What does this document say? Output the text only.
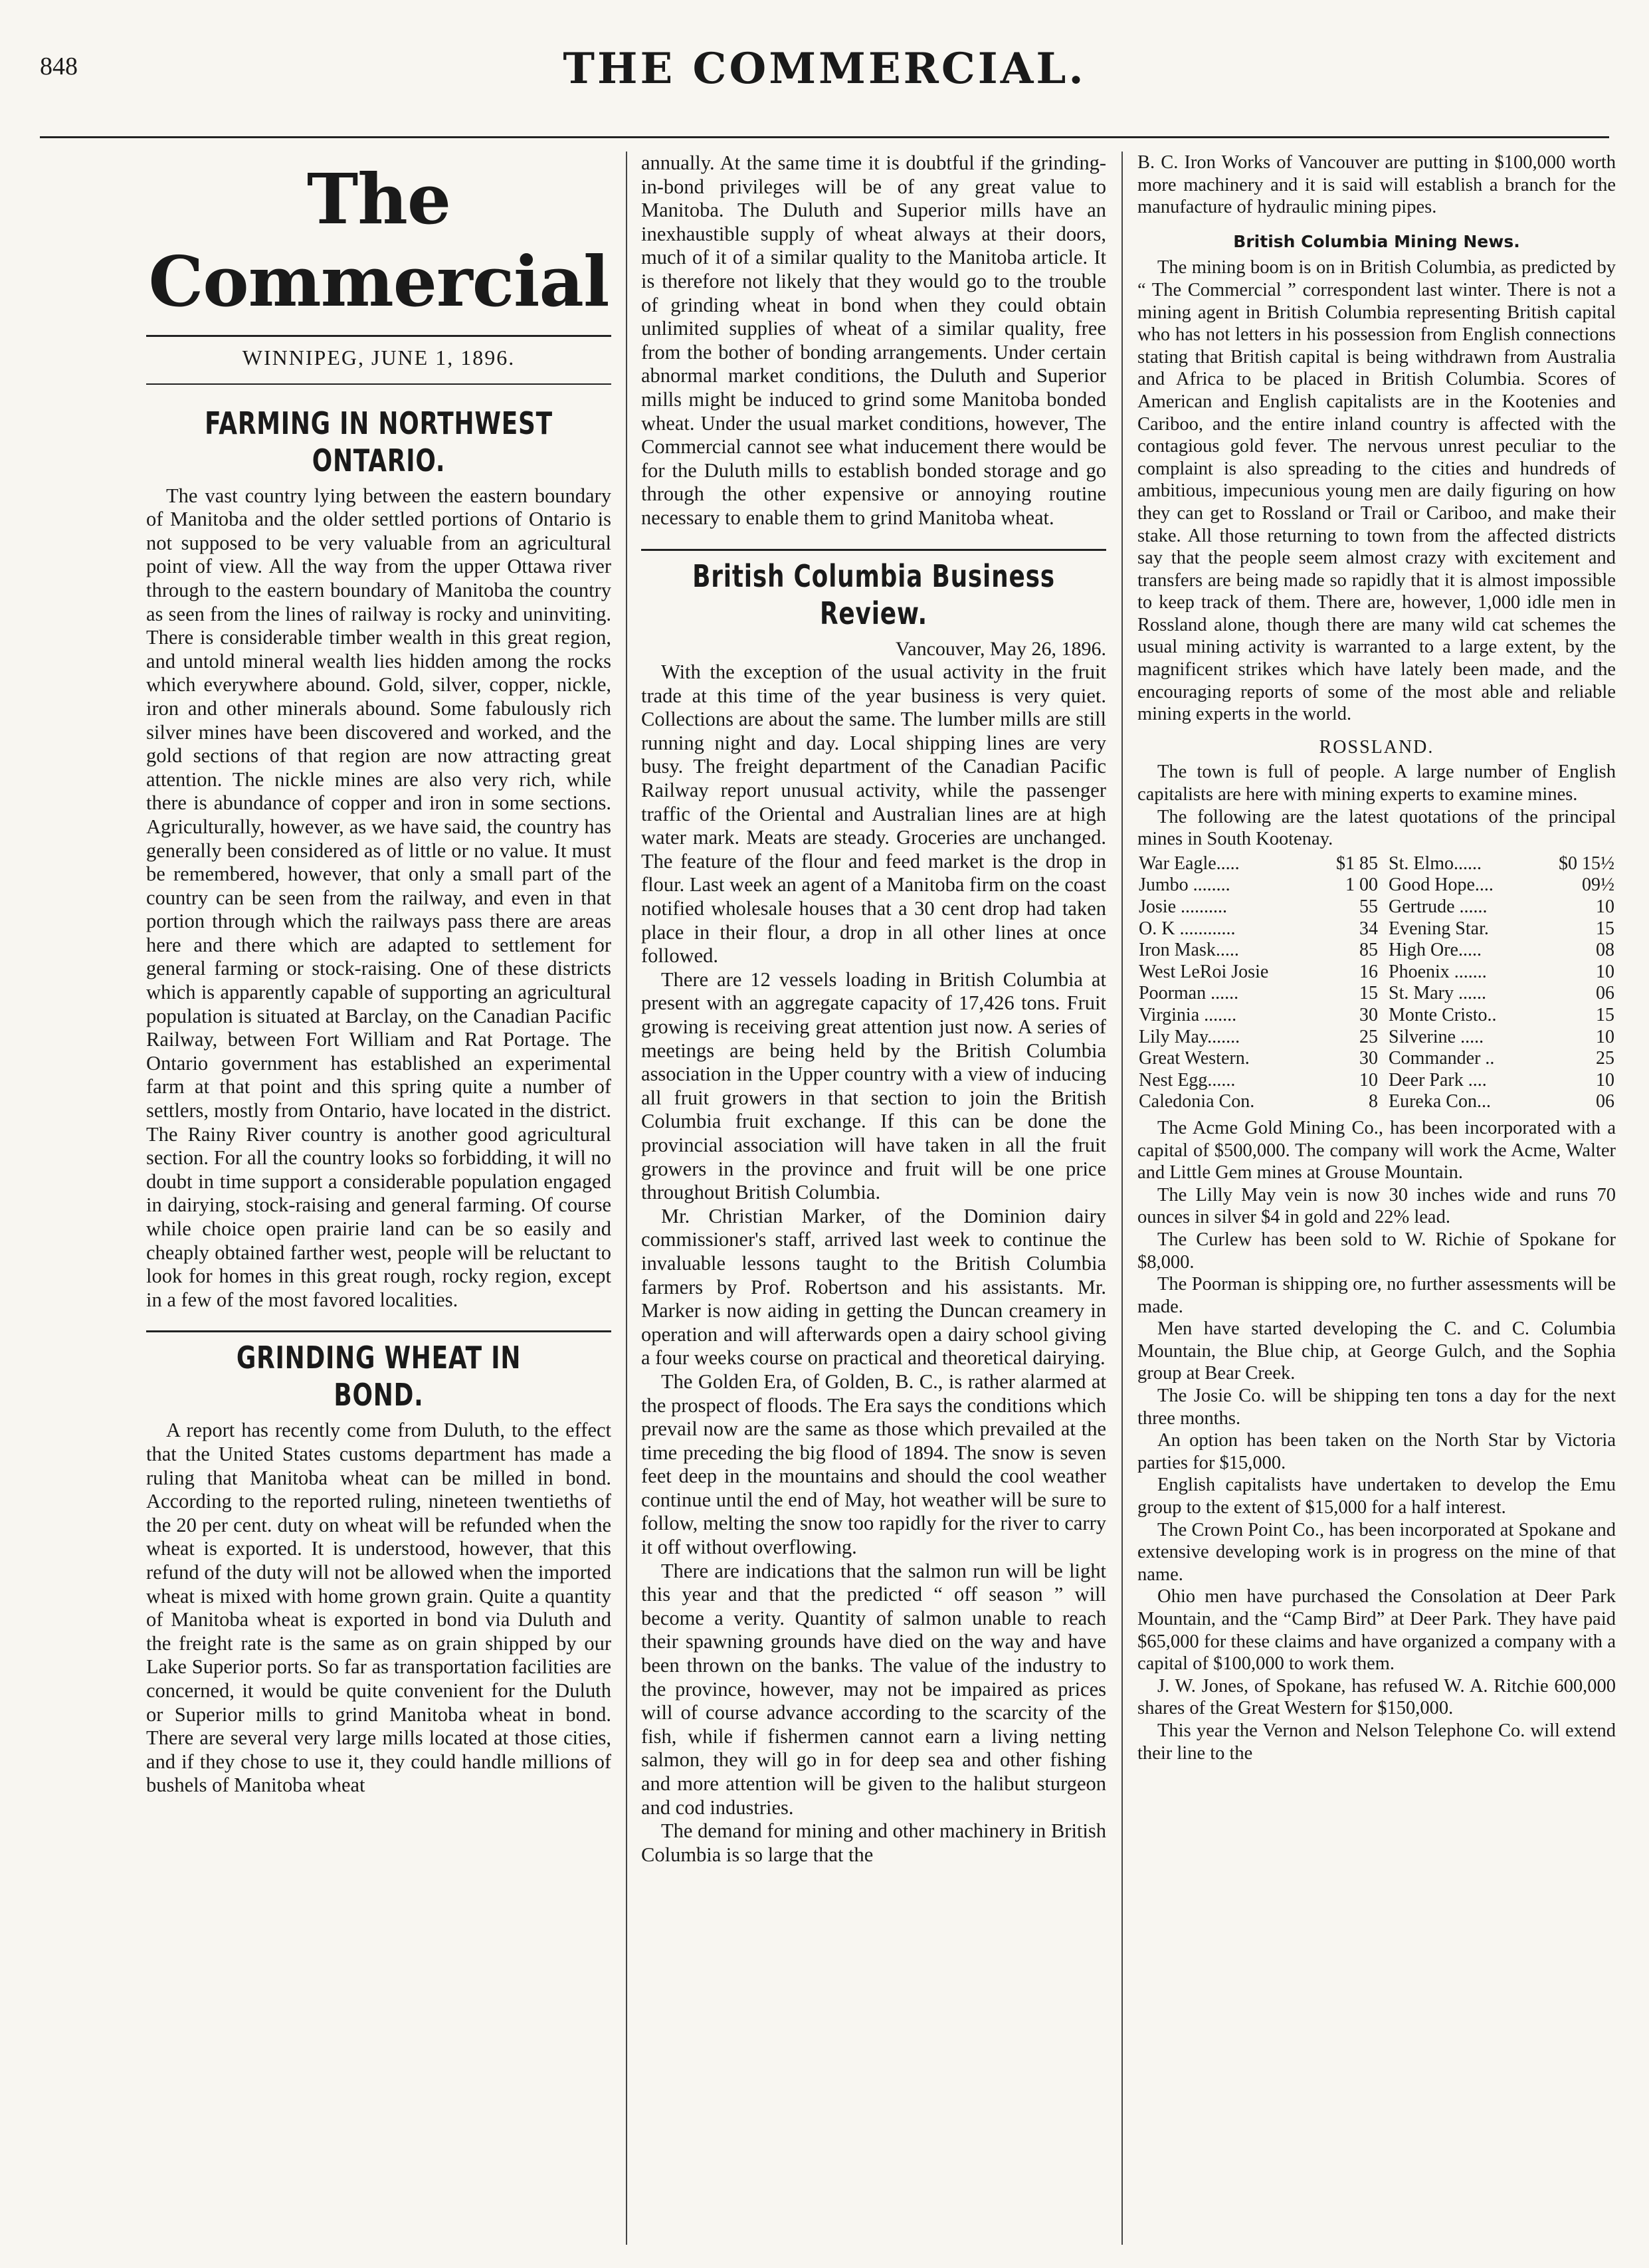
848	THE COMMERCIAL.
The Commercial
WINNIPEG, JUNE 1, 1896.
FARMING IN NORTHWEST ONTARIO.

The vast country lying between the eastern boundary of Manitoba and the older settled portions of Ontario is not supposed to be very valuable from an agricultural point of view. All the way from the upper Ottawa river through to the eastern boundary of Manitoba the country as seen from the lines of railway is rocky and uninviting. There is considerable timber wealth in this great region, and untold mineral wealth lies hidden among the rocks which everywhere abound. Gold, silver, copper, nickle, iron and other minerals abound. Some fabulously rich silver mines have been discovered and worked, and the gold sections of that region are now attracting great attention. The nickle mines are also very rich, while there is abundance of copper and iron in some sections. Agriculturally, however, as we have said, the country has generally been considered as of little or no value. It must be remembered, however, that only a small part of the country can be seen from the railway, and even in that portion through which the railways pass there are areas here and there which are adapted to settlement for general farming or stock-raising. One of these districts which is apparently capable of supporting an agricultural population is situated at Barclay, on the Canadian Pacific Railway, between Fort William and Rat Portage. The Ontario government has established an experimental farm at that point and this spring quite a number of settlers, mostly from Ontario, have located in the district. The Rainy River country is another good agricultural section. For all the country looks so forbidding, it will no doubt in time support a considerable population engaged in dairying, stock-raising and general farming. Of course while choice open prairie land can be so easily and cheaply obtained farther west, people will be reluctant to look for homes in this great rough, rocky region, except in a few of the most favored localities.

GRINDING WHEAT IN BOND.

A report has recently come from Duluth, to the effect that the United States customs department has made a ruling that Manitoba wheat can be milled in bond. According to the reported ruling, nineteen twentieths of the 20 per cent. duty on wheat will be refunded when the wheat is exported. It is understood, however, that this refund of the duty will not be allowed when the imported wheat is mixed with home grown grain. Quite a quantity of Manitoba wheat is exported in bond via Duluth and the freight rate is the same as on grain shipped by our Lake Superior ports. So far as transportation facilities are concerned, it would be quite convenient for the Duluth or Superior mills to grind Manitoba wheat in bond. There are several very large mills located at those cities, and if they chose to use it, they could handle millions of bushels of Manitoba wheat

annually. At the same time it is doubtful if the grinding-in-bond privileges will be of any great value to Manitoba. The Duluth and Superior mills have an inexhaustible supply of wheat always at their doors, much of it of a similar quality to the Manitoba article. It is therefore not likely that they would go to the trouble of grinding wheat in bond when they could obtain unlimited supplies of wheat of a similar quality, free from the bother of bonding arrangements. Under certain abnormal market conditions, the Duluth and Superior mills might be induced to grind some Manitoba bonded wheat. Under the usual market conditions, however, The Commercial cannot see what inducement there would be for the Duluth mills to establish bonded storage and go through the other expensive or annoying routine necessary to enable them to grind Manitoba wheat.

British Columbia Business Review.
Vancouver, May 26, 1896.

With the exception of the usual activity in the fruit trade at this time of the year business is very quiet. Collections are about the same. The lumber mills are still running night and day. Local shipping lines are very busy. The freight department of the Canadian Pacific Railway report unusual activity, while the passenger traffic of the Oriental and Australian lines are at high water mark. Meats are steady. Groceries are unchanged. The feature of the flour and feed market is the drop in flour. Last week an agent of a Manitoba firm on the coast notified wholesale houses that a 30 cent drop had taken place in their flour, a drop in all other lines at once followed.

There are 12 vessels loading in British Columbia at present with an aggregate capacity of 17,426 tons. Fruit growing is receiving great attention just now. A series of meetings are being held by the British Columbia association in the Upper country with a view of inducing all fruit growers in that section to join the British Columbia fruit exchange. If this can be done the provincial association will have taken in all the fruit growers in the province and fruit will be one price throughout British Columbia.

Mr. Christian Marker, of the Dominion dairy commissioner's staff, arrived last week to continue the invaluable lessons taught to the British Columbia farmers by Prof. Robertson and his assistants. Mr. Marker is now aiding in getting the Duncan creamery in operation and will afterwards open a dairy school giving a four weeks course on practical and theoretical dairying.

The Golden Era, of Golden, B. C., is rather alarmed at the prospect of floods. The Era says the conditions which prevail now are the same as those which prevailed at the time preceding the big flood of 1894. The snow is seven feet deep in the mountains and should the cool weather continue until the end of May, hot weather will be sure to follow, melting the snow too rapidly for the river to carry it off without overflowing.

There are indications that the salmon run will be light this year and that the predicted “ off season ” will become a verity. Quantity of salmon unable to reach their spawning grounds have died on the way and have been thrown on the banks. The value of the industry to the province, however, may not be impaired as prices will of course advance according to the scarcity of the fish, while if fishermen cannot earn a living netting salmon, they will go in for deep sea and other fishing and more attention will be given to the halibut sturgeon and cod industries.

The demand for mining and other machinery in British Columbia is so large that the

B. C. Iron Works of Vancouver are putting in $100,000 worth more machinery and it is said will establish a branch for the manufacture of hydraulic mining pipes.

British Columbia Mining News.

The mining boom is on in British Columbia, as predicted by “ The Commercial ” correspondent last winter. There is not a mining agent in British Columbia representing British capital who has not letters in his possession from English connections stating that British capital is being withdrawn from Australia and Africa to be placed in British Columbia. Scores of American and English capitalists are in the Kootenies and Cariboo, and the entire inland country is affected with the contagious gold fever. The nervous unrest peculiar to the complaint is also spreading to the cities and hundreds of ambitious, impecunious young men are daily figuring on how they can get to Rossland or Trail or Cariboo, and make their stake. All those returning to town from the affected districts say that the people seem almost crazy with excitement and transfers are being made so rapidly that it is almost impossible to keep track of them. There are, however, 1,000 idle men in Rossland alone, though there are many wild cat schemes the usual mining activity is warranted to a large extent, by the magnificent strikes which have lately been made, and the encouraging reports of some of the most able and reliable mining experts in the world.

ROSSLAND.

The town is full of people. A large number of English capitalists are here with mining experts to examine mines.

The following are the latest quotations of the principal mines in South Kootenay.

War Eagle.....	$1 85	St. Elmo......	$0 15½
Jumbo ........	1 00	Good Hope....	09½
Josie ..........	55	Gertrude ......	10
O. K ............	34	Evening Star.	15
Iron Mask.....	85	High Ore.....	08
West LeRoi Josie	16	Phoenix .......	10
Poorman ......	15	St. Mary ......	06
Virginia .......	30	Monte Cristo..	15
Lily May.......	25	Silverine .....	10
Great Western.	30	Commander ..	25
Nest Egg......	10	Deer Park ....	10
Caledonia Con.	8	Eureka Con...	06

The Acme Gold Mining Co., has been incorporated with a capital of $500,000. The company will work the Acme, Walter and Little Gem mines at Grouse Mountain.

The Lilly May vein is now 30 inches wide and runs 70 ounces in silver $4 in gold and 22% lead.

The Curlew has been sold to W. Richie of Spokane for $8,000.

The Poorman is shipping ore, no further assessments will be made.

Men have started developing the C. and C. Columbia Mountain, the Blue chip, at George Gulch, and the Sophia group at Bear Creek.

The Josie Co. will be shipping ten tons a day for the next three months.

An option has been taken on the North Star by Victoria parties for $15,000.

English capitalists have undertaken to develop the Emu group to the extent of $15,000 for a half interest.

The Crown Point Co., has been incorporated at Spokane and extensive developing work is in progress on the mine of that name.

Ohio men have purchased the Consolation at Deer Park Mountain, and the “Camp Bird” at Deer Park. They have paid $65,000 for these claims and have organized a company with a capital of $100,000 to work them.

J. W. Jones, of Spokane, has refused W. A. Ritchie 600,000 shares of the Great Western for $150,000.

This year the Vernon and Nelson Telephone Co. will extend their line to the
